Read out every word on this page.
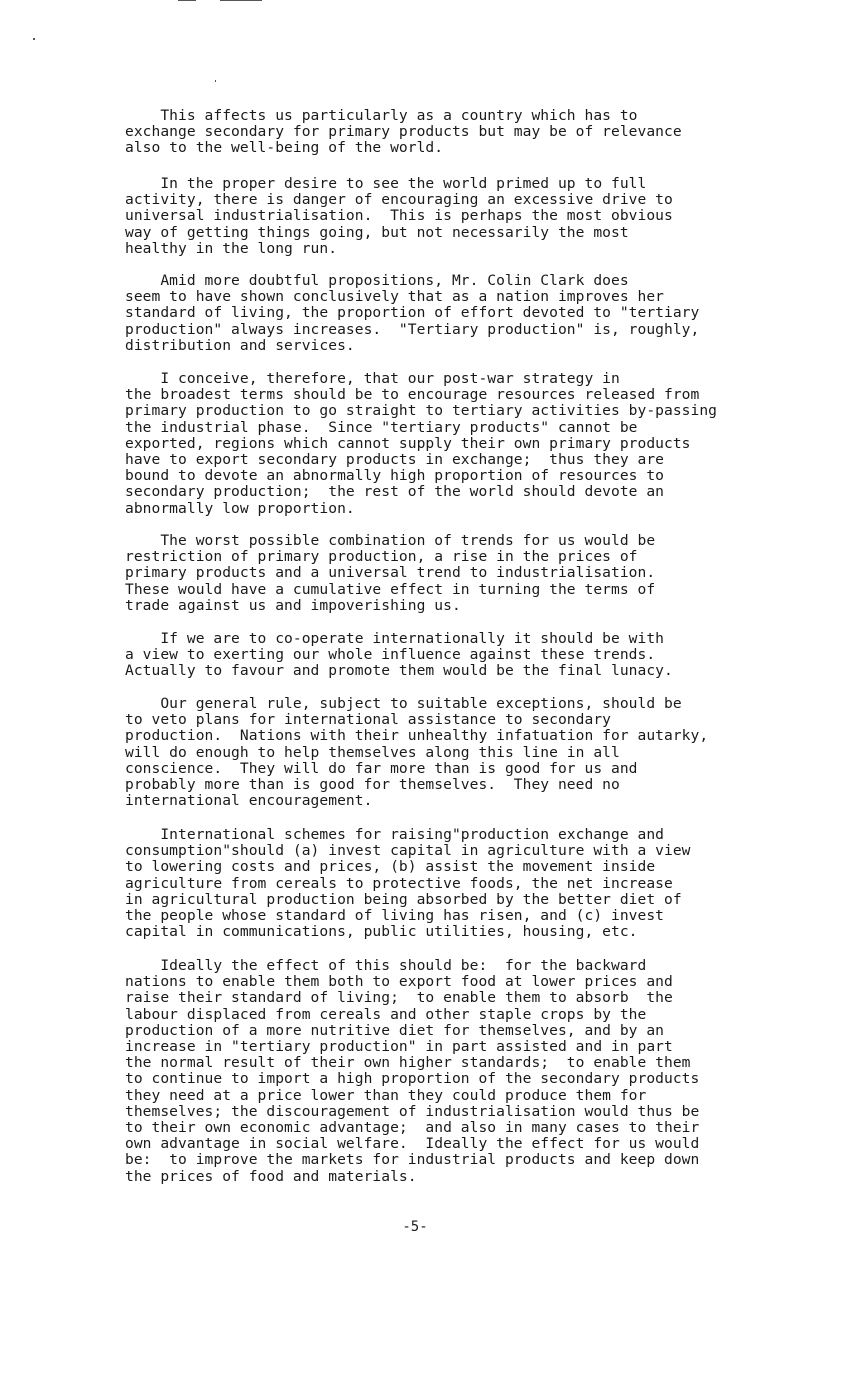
This affects us particularly as a country which has to
exchange secondary for primary products but may be of relevance
also to the well-being of the world.
In the proper desire to see the world primed up to full
activity, there is danger of encouraging an excessive drive to
universal industrialisation.  This is perhaps the most obvious
way of getting things going, but not necessarily the most
healthy in the long run.
Amid more doubtful propositions, Mr. Colin Clark does
seem to have shown conclusively that as a nation improves her
standard of living, the proportion of effort devoted to "tertiary
production" always increases.  "Tertiary production" is, roughly,
distribution and services.
I conceive, therefore, that our post-war strategy in
the broadest terms should be to encourage resources released from
primary production to go straight to tertiary activities by-passing
the industrial phase.  Since "tertiary products" cannot be
exported, regions which cannot supply their own primary products
have to export secondary products in exchange;  thus they are
bound to devote an abnormally high proportion of resources to
secondary production;  the rest of the world should devote an
abnormally low proportion.
The worst possible combination of trends for us would be
restriction of primary production, a rise in the prices of
primary products and a universal trend to industrialisation.
These would have a cumulative effect in turning the terms of
trade against us and impoverishing us.
If we are to co-operate internationally it should be with
a view to exerting our whole influence against these trends.
Actually to favour and promote them would be the final lunacy.
Our general rule, subject to suitable exceptions, should be
to veto plans for international assistance to secondary
production.  Nations with their unhealthy infatuation for autarky,
will do enough to help themselves along this line in all
conscience.  They will do far more than is good for us and
probably more than is good for themselves.  They need no
international encouragement.
International schemes for raising"production exchange and
consumption"should (a) invest capital in agriculture with a view
to lowering costs and prices, (b) assist the movement inside
agriculture from cereals to protective foods, the net increase
in agricultural production being absorbed by the better diet of
the people whose standard of living has risen, and (c) invest
capital in communications, public utilities, housing, etc.
Ideally the effect of this should be:  for the backward
nations to enable them both to export food at lower prices and
raise their standard of living;  to enable them to absorb  the
labour displaced from cereals and other staple crops by the
production of a more nutritive diet for themselves, and by an
increase in "tertiary production" in part assisted and in part
the normal result of their own higher standards;  to enable them
to continue to import a high proportion of the secondary products
they need at a price lower than they could produce them for
themselves; the discouragement of industrialisation would thus be
to their own economic advantage;  and also in many cases to their
own advantage in social welfare.  Ideally the effect for us would
be:  to improve the markets for industrial products and keep down
the prices of food and materials.
-5-
